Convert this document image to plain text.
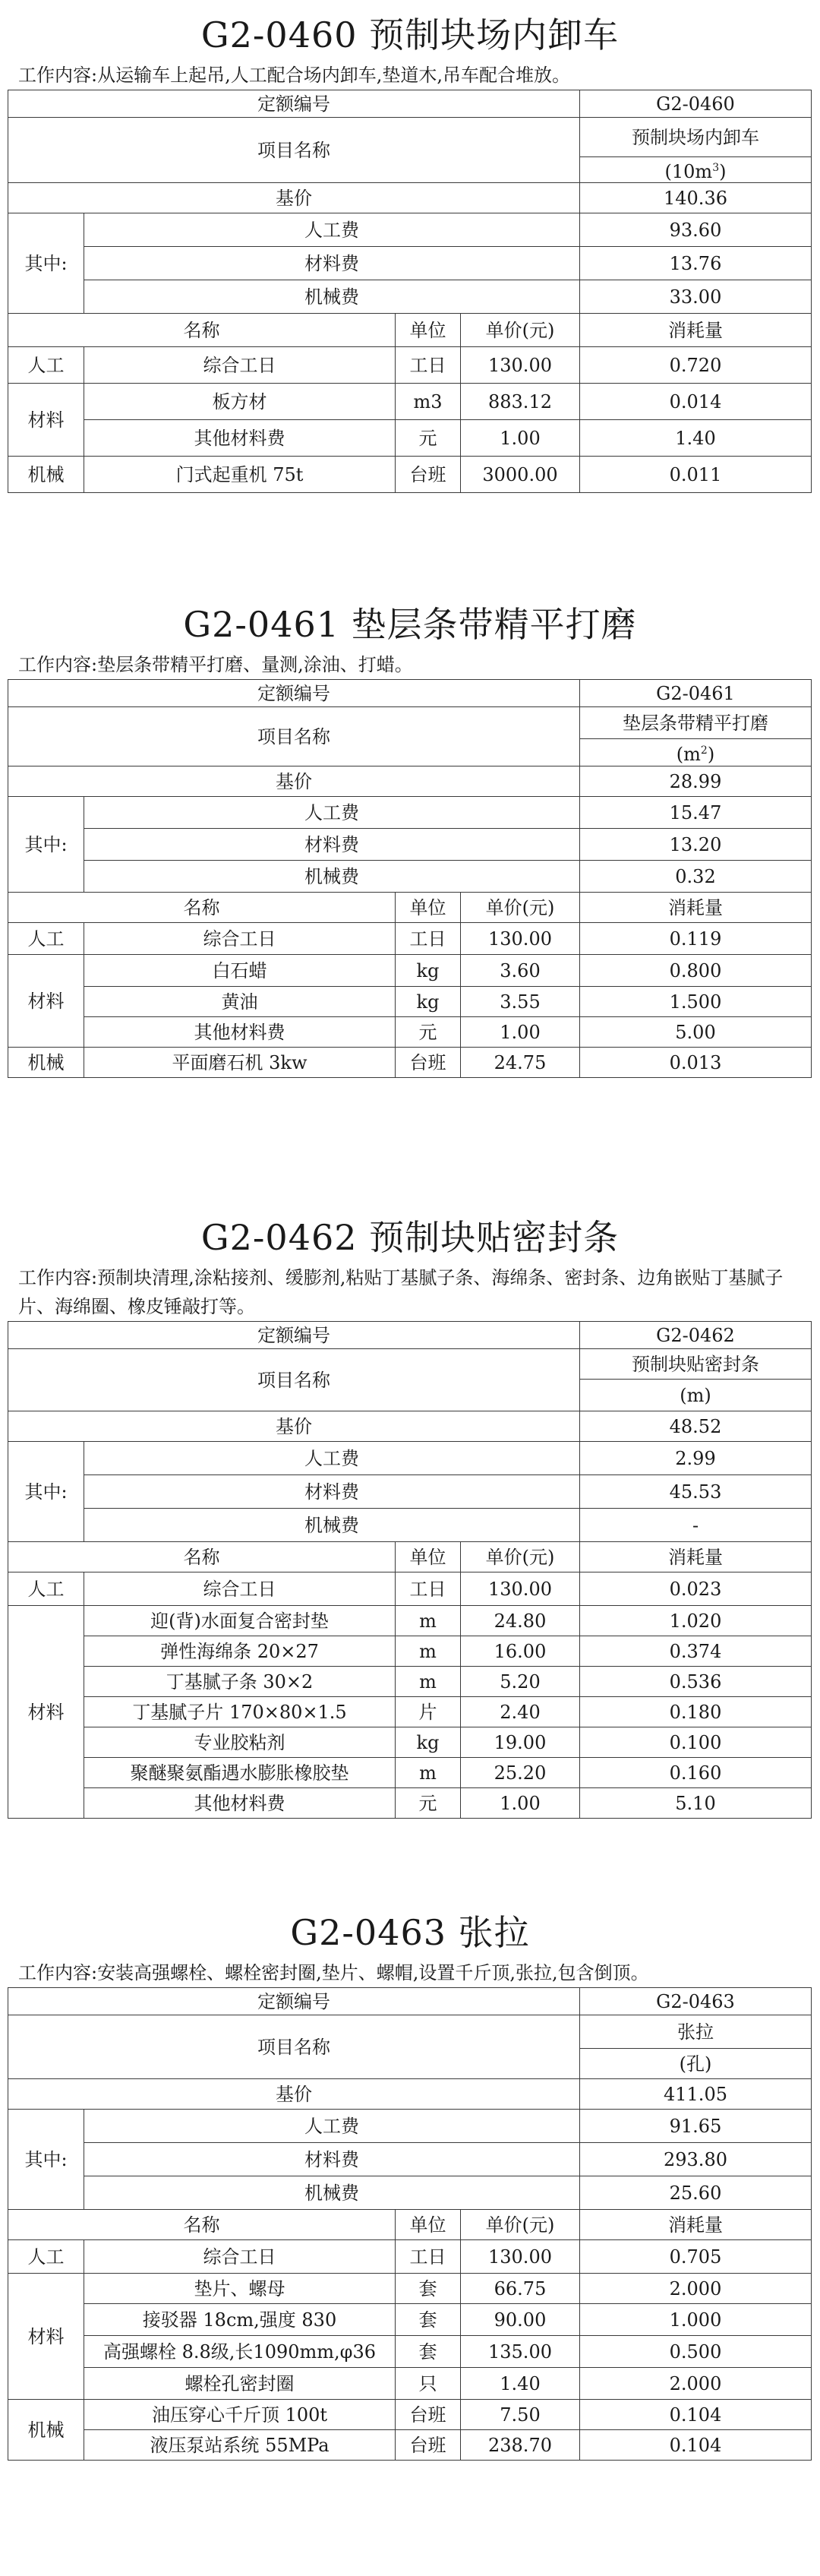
G2-0460 预制块场内卸车

工作内容:从运输车上起吊,人工配合场内卸车,垫道木,吊车配合堆放。

定额编号				G2-0460
项目名称				预制块场内卸车
				$(10m^3)$
基价				140.36
其中:	人工费			93.60
	材料费			13.76
	机械费			33.00
名称		单位	单价(元)	消耗量
人工	综合工日	工日	130.00	0.720
材料	板方材	m3	883.12	0.014
	其他材料费	元	1.00	1.40
机械	门式起重机 75t	台班	3000.00	0.011
G2-0461 垫层条带精平打磨

工作内容:垫层条带精平打磨、量测,涂油、打蜡。

定额编号				G2-0461
项目名称				垫层条带精平打磨
				$(m^2)$
基价				28.99
其中:	人工费			15.47
	材料费			13.20
	机械费			0.32
名称		单位	单价(元)	消耗量
人工	综合工日	工日	130.00	0.119
材料	白石蜡	kg	3.60	0.800
	黄油	kg	3.55	1.500
	其他材料费	元	1.00	5.00
机械	平面磨石机 3kw	台班	24.75	0.013
G2-0462 预制块贴密封条

工作内容:预制块清理,涂粘接剂、缓膨剂,粘贴丁基腻子条、海绵条、密封条、边角嵌贴丁基腻子片、海绵圈、橡皮锤敲打等。

定额编号				G2-0462
项目名称				预制块贴密封条
				(m)
基价				48.52
其中:	人工费			2.99
	材料费			45.53
	机械费			-
名称		单位	单价(元)	消耗量
人工	综合工日	工日	130.00	0.023
材料	迎(背)水面复合密封垫	m	24.80	1.020
	弹性海绵条 20×27	m	16.00	0.374
	丁基腻子条 30×2	m	5.20	0.536
	丁基腻子片 170×80×1.5	片	2.40	0.180
	专业胶粘剂	kg	19.00	0.100
	聚醚聚氨酯遇水膨胀橡胶垫	m	25.20	0.160
	其他材料费	元	1.00	5.10
G2-0463 张拉

工作内容:安装高强螺栓、螺栓密封圈,垫片、螺帽,设置千斤顶,张拉,包含倒顶。

定额编号				G2-0463
项目名称				张拉
				(孔)
基价				411.05
其中:	人工费			91.65
	材料费			293.80
	机械费			25.60
名称		单位	单价(元)	消耗量
人工	综合工日	工日	130.00	0.705
材料	垫片、螺母	套	66.75	2.000
	接驳器 18cm,强度 830	套	90.00	1.000
	高强螺栓 8.8级,长1090mm,φ36	套	135.00	0.500
	螺栓孔密封圈	只	1.40	2.000
机械	油压穿心千斤顶 100t	台班	7.50	0.104
	液压泵站系统 55MPa	台班	238.70	0.104
